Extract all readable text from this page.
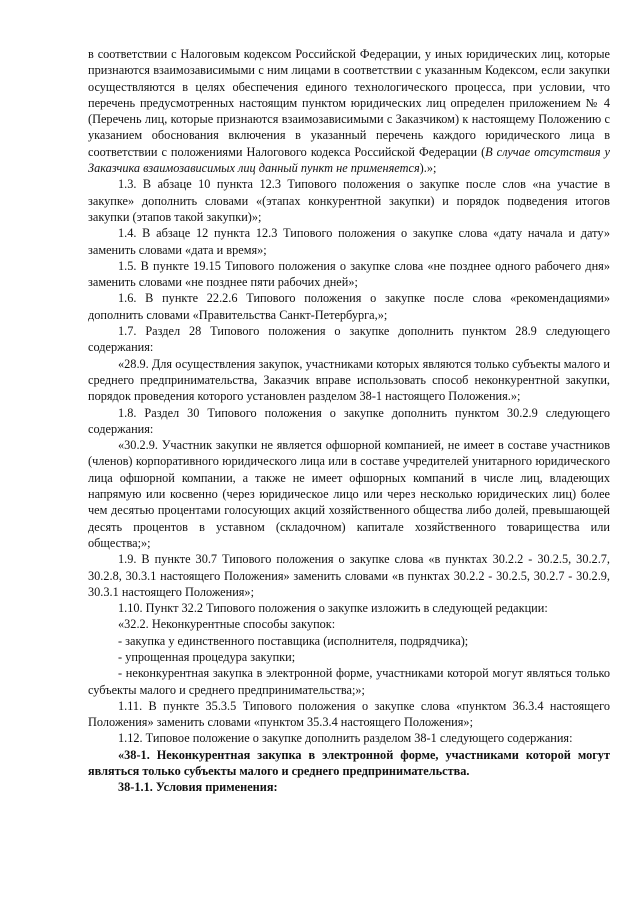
в соответствии с Налоговым кодексом Российской Федерации, у иных юридических лиц, которые признаются взаимозависимыми с ним лицами в соответствии с указанным Кодексом, если закупки осуществляются в целях обеспечения единого технологического процесса, при условии, что перечень предусмотренных настоящим пунктом юридических лиц определен приложением № 4 (Перечень лиц, которые признаются взаимозависимыми с Заказчиком) к настоящему Положению с указанием обоснования включения в указанный перечень каждого юридического лица в соответствии с положениями Налогового кодекса Российской Федерации (В случае отсутствия у Заказчика взаимозависимых лиц данный пункт не применяется).»;

1.3. В абзаце 10 пункта 12.3 Типового положения о закупке после слов «на участие в закупке» дополнить словами «(этапах конкурентной закупки) и порядок подведения итогов закупки (этапов такой закупки)»;

1.4. В абзаце 12 пункта 12.3 Типового положения о закупке слова «дату начала и дату» заменить словами «дата и время»;

1.5. В пункте 19.15 Типового положения о закупке слова «не позднее одного рабочего дня» заменить словами «не позднее пяти рабочих дней»;

1.6. В пункте 22.2.6 Типового положения о закупке после слова «рекомендациями» дополнить словами «Правительства Санкт-Петербурга,»;

1.7. Раздел 28 Типового положения о закупке дополнить пунктом 28.9 следующего содержания:

«28.9. Для осуществления закупок, участниками которых являются только субъекты малого и среднего предпринимательства, Заказчик вправе использовать способ неконкурентной закупки, порядок проведения которого установлен разделом 38-1 настоящего Положения.»;

1.8. Раздел 30 Типового положения о закупке дополнить пунктом 30.2.9 следующего содержания:

«30.2.9. Участник закупки не является офшорной компанией, не имеет в составе участников (членов) корпоративного юридического лица или в составе учредителей унитарного юридического лица офшорной компании, а также не имеет офшорных компаний в числе лиц, владеющих напрямую или косвенно (через юридическое лицо или через несколько юридических лиц) более чем десятью процентами голосующих акций хозяйственного общества либо долей, превышающей десять процентов в уставном (складочном) капитале хозяйственного товарищества или общества;»;

1.9. В пункте 30.7 Типового положения о закупке слова «в пунктах 30.2.2 - 30.2.5, 30.2.7, 30.2.8, 30.3.1 настоящего Положения» заменить словами «в пунктах 30.2.2 - 30.2.5, 30.2.7 - 30.2.9, 30.3.1 настоящего Положения»;

1.10. Пункт 32.2 Типового положения о закупке изложить в следующей редакции:

«32.2. Неконкурентные способы закупок:

- закупка у единственного поставщика (исполнителя, подрядчика);

- упрощенная процедура закупки;

- неконкурентная закупка в электронной форме, участниками которой могут являться только субъекты малого и среднего предпринимательства;»;

1.11. В пункте 35.3.5 Типового положения о закупке слова «пунктом 36.3.4 настоящего Положения» заменить словами «пунктом 35.3.4 настоящего Положения»;

1.12. Типовое положение о закупке дополнить разделом 38-1 следующего содержания:

«38-1. Неконкурентная закупка в электронной форме, участниками которой могут являться только субъекты малого и среднего предпринимательства.

38-1.1. Условия применения:
